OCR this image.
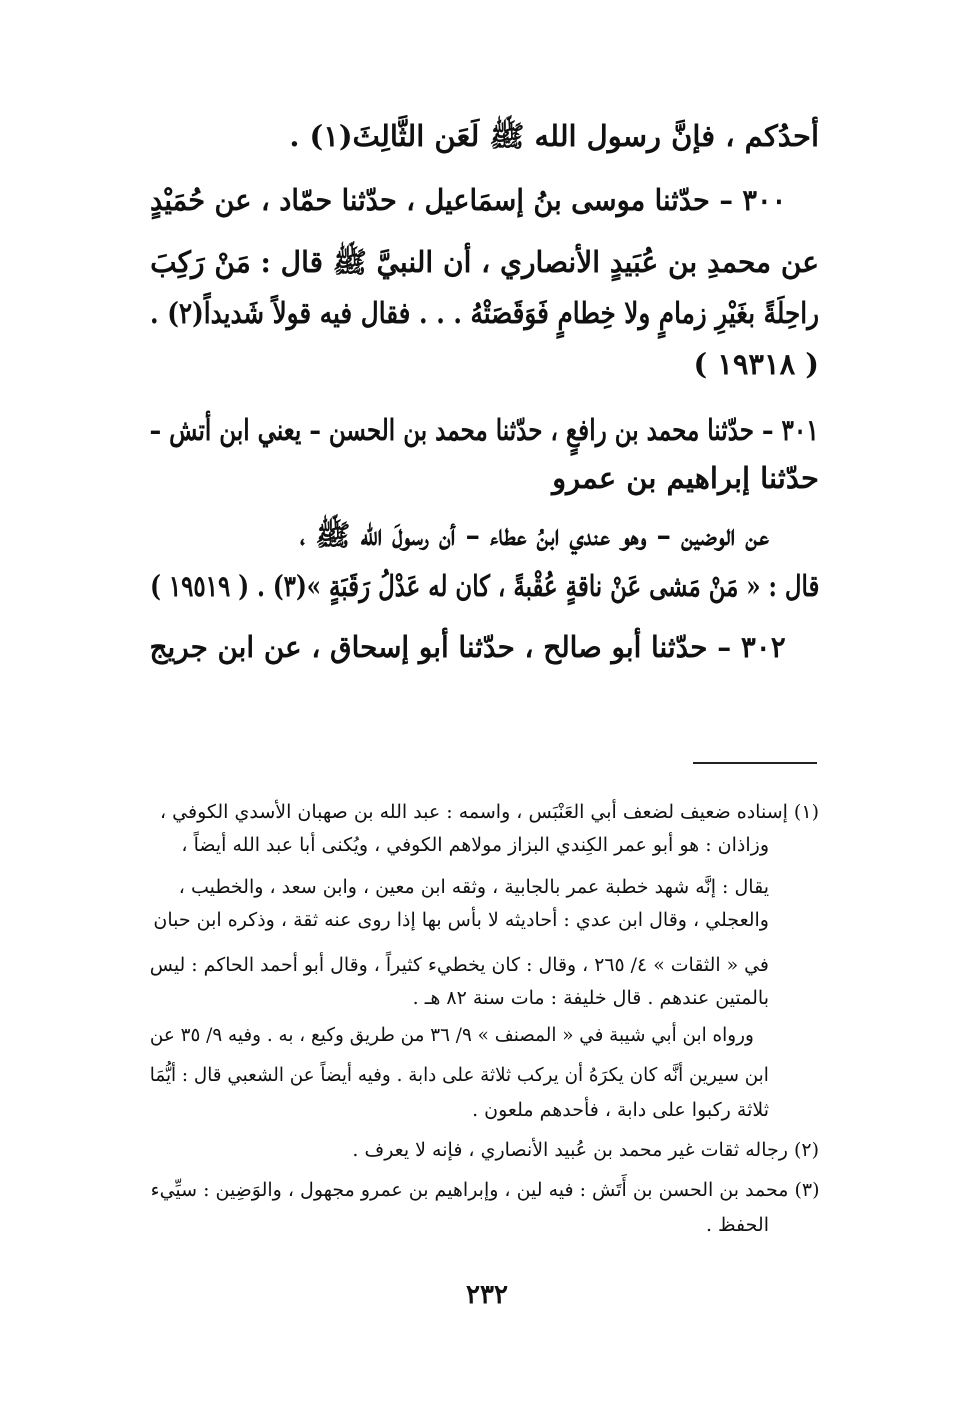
أحدُكم ، فإنَّ رسول الله ﷺ لَعَن الثَّالِثَ(١) .
٣٠٠ – حدّثنا موسى بنُ إسمَاعيل ، حدّثنا حمّاد ، عن حُمَيْدٍ
عن محمدِ بن عُبَيدٍ الأنصاري ، أن النبيَّ ﷺ قال : مَنْ رَكِبَ
راحِلَةً بغَيْرِ زمامٍ ولا خِطامٍ فَوَقَصَتْهُ . . . فقال فيه قولاً شَديداً(٢) .
( ١٩٣١٨ )
٣٠١ – حدّثنا محمد بن رافعٍ ، حدّثنا محمد بن الحسن – يعني ابن أتش –
حدّثنا إبراهيم بن عمرو
عن الوضين – وهو عندي ابنُ عطاء – أن رسولَ الله ﷺ ،
قال : « مَنْ مَشى عَنْ ناقةٍ عُقْبةً ، كان له عَدْلُ رَقَبَةٍ »(٣) . ( ١٩٥١٩ )
٣٠٢ – حدّثنا أبو صالح ، حدّثنا أبو إسحاق ، عن ابن جريج
(١) إسناده ضعيف لضعف أبي العَنْبَس ، واسمه : عبد الله بن صهبان الأسدي الكوفي ،
وزاذان : هو أبو عمر الكِندي البزاز مولاهم الكوفي ، ويُكنى أبا عبد الله أيضاً ،
يقال : إنَّه شهد خطبة عمر بالجابية ، وثقه ابن معين ، وابن سعد ، والخطيب ،
والعجلي ، وقال ابن عدي : أحاديثه لا بأس بها إذا روى عنه ثقة ، وذكره ابن حبان
في « الثقات » ٤/ ٢٦٥ ، وقال : كان يخطيء كثيراً ، وقال أبو أحمد الحاكم : ليس
بالمتين عندهم . قال خليفة : مات سنة ٨٢ هـ .
ورواه ابن أبي شيبة في « المصنف » ٩/ ٣٦ من طريق وكيع ، به . وفيه ٩/ ٣٥ عن
ابن سيرين أنَّه كان يكرَهُ أن يركب ثلاثة على دابة . وفيه أيضاً عن الشعبي قال : أيُّمَا
ثلاثة ركبوا على دابة ، فأحدهم ملعون .
(٢) رجاله ثقات غير محمد بن عُبيد الأنصاري ، فإنه لا يعرف .
(٣) محمد بن الحسن بن أَتَش : فيه لين ، وإبراهيم بن عمرو مجهول ، والوَضِين : سيِّيء
الحفظ .
٢٣٢
